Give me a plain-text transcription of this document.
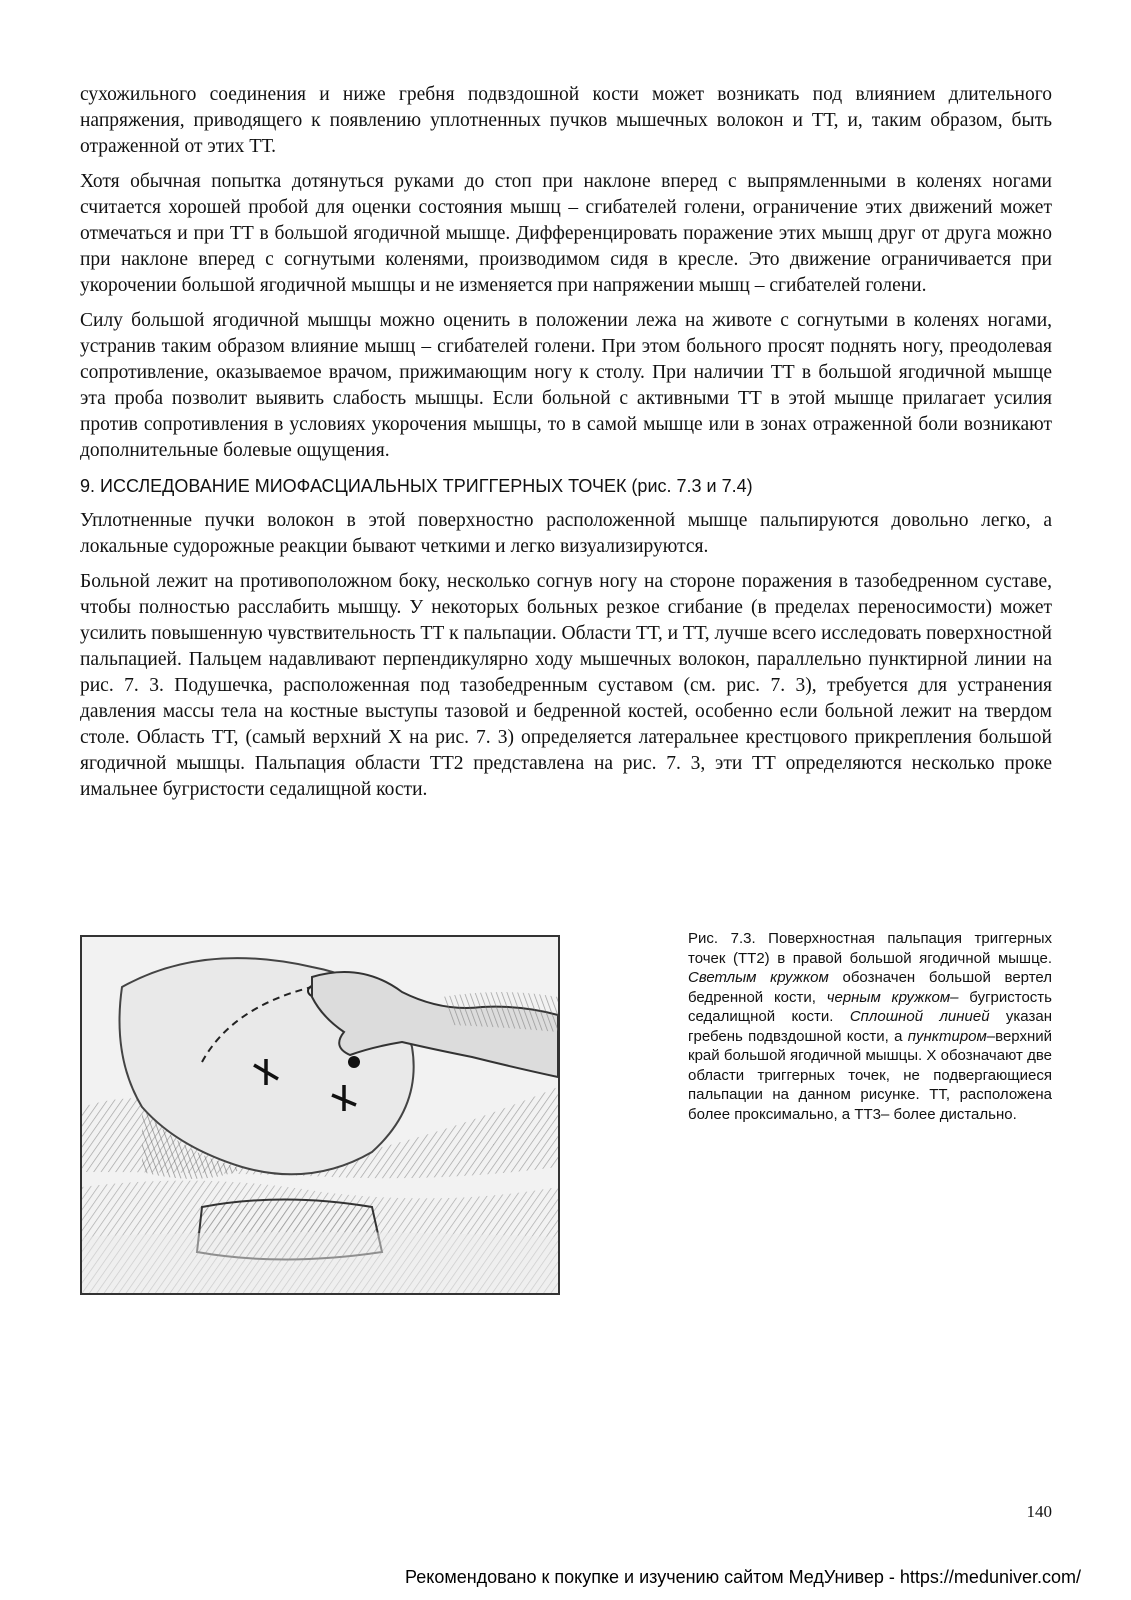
сухожильного соединения и ниже гребня подвздошной кости может возникать под влиянием длительного напряжения, приводящего к появлению уплотненных пучков мышечных волокон и ТТ, и, таким образом, быть отраженной от этих ТТ.

Хотя обычная попытка дотянуться руками до стоп при наклоне вперед с выпрямленными в коленях ногами считается хорошей пробой для оценки состояния мышц – сгибателей голени, ограничение этих движений может отмечаться и при ТТ в большой ягодичной мышце. Дифференцировать поражение этих мышц друг от друга можно при наклоне вперед с согнутыми коленями, производимом сидя в кресле. Это движение ограничивается при укорочении большой ягодичной мышцы и не изменяется при напряжении мышц – сгибателей голени.

Силу большой ягодичной мышцы можно оценить в положении лежа на животе с согнутыми в коленях ногами, устранив таким образом влияние мышц – сгибателей голени. При этом больного просят поднять ногу, преодолевая сопротивление, оказываемое врачом, прижимающим ногу к столу. При наличии ТТ в большой ягодичной мышце эта проба позволит выявить слабость мышцы. Если больной с активными ТТ в этой мышце прилагает усилия против сопротивления в условиях укорочения мышцы, то в самой мышце или в зонах отраженной боли возникают дополнительные болевые ощущения.

9. ИССЛЕДОВАНИЕ МИОФАСЦИАЛЬНЫХ ТРИГГЕРНЫХ ТОЧЕК (рис. 7.3 и 7.4)

Уплотненные пучки волокон в этой поверхностно расположенной мышце пальпируются довольно легко, а локальные судорожные реакции бывают четкими и легко визуализируются.

Больной лежит на противоположном боку, несколько согнув ногу на стороне поражения в тазобедренном суставе, чтобы полностью расслабить мышцу. У некоторых больных резкое сгибание (в пределах переносимости) может усилить повышенную чувствительность ТТ к пальпации. Области ТТ, и ТТ, лучше всего исследовать поверхностной пальпацией. Пальцем надавливают перпендикулярно ходу мышечных волокон, параллельно пунктирной линии на рис. 7. 3. Подушечка, расположенная под тазобедренным суставом (см. рис. 7. 3), требуется для устранения давления массы тела на костные выступы тазовой и бедренной костей, особенно если больной лежит на твердом столе. Область ТТ, (самый верхний X на рис. 7. 3) определяется латеральнее крестцового прикрепления большой ягодичной мышцы. Пальпация области ТТ2 представлена на рис. 7. 3, эти ТТ определяются несколько проке имальнее бугристости седалищной кости.

Рис. 7.3. Поверхностная пальпация триггерных точек (ТТ2) в правой большой ягодичной мышце. Светлым кружком обозначен большой вертел бедренной кости, черным кружком– бугристость седалищной кости. Сплошной линией указан гребень подвздошной кости, а пунктиром–верхний край большой ягодичной мышцы. X обозначают две области триггерных точек, не подвергающиеся пальпации на данном рисунке. ТТ, расположена более проксимально, а ТТ3– более дистально.
140
Рекомендовано к покупке и изучению сайтом МедУнивер - https://meduniver.com/
